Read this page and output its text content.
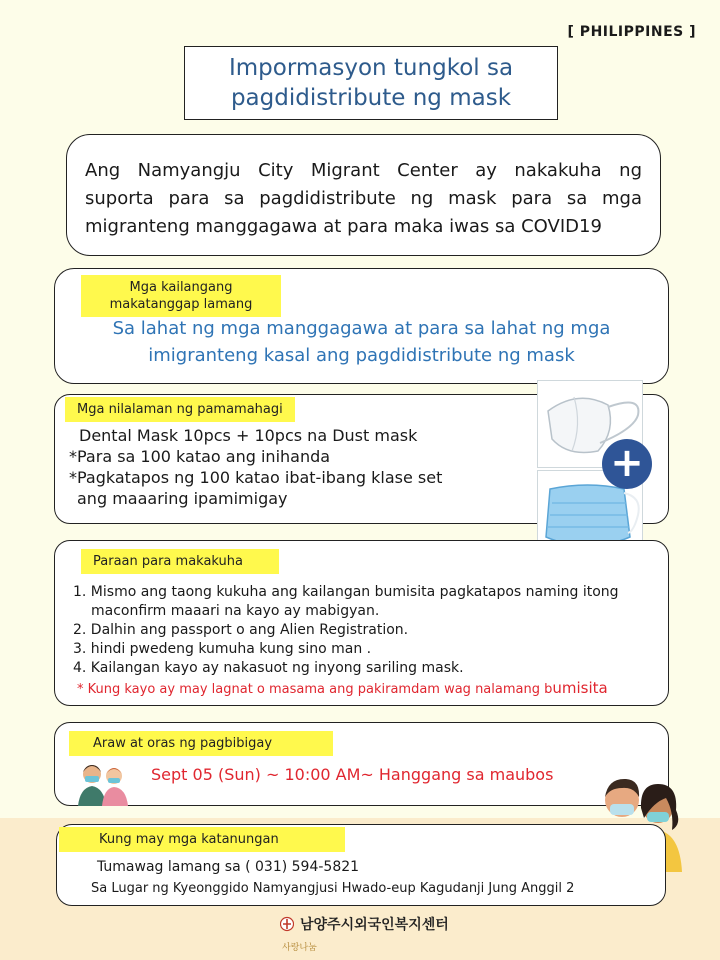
[ PHILIPPINES ]
Impormasyon tungkol sa
pagdidistribute ng mask
Ang Namyangju City Migrant Center ay nakakuha ng
suporta para sa pagdidistribute ng mask para sa mga
migranteng manggagawa at para maka iwas sa COVID19
Sa lahat ng mga manggagawa at para sa lahat ng mga
imigranteng kasal ang pagdidistribute ng mask
Mga kailangang makatanggap lamang
Mga nilalaman ng pamamahagi
Dental Mask 10pcs + 10pcs na Dust mask
*Para sa 100 katao ang inihanda
*Pagkatapos ng 100 katao ibat-ibang klase set
ang maaaring ipamimigay
+
Paraan para makakuha
1. Mismo ang taong kukuha ang kailangan bumisita pagkatapos naming itong maconfirm maaari na kayo ay mabigyan.
2. Dalhin ang passport o ang Alien Registration.
3. hindi pwedeng kumuha kung sino man .
4. Kailangan kayo ay nakasuot ng inyong sariling mask.
* Kung kayo ay may lagnat o masama ang pakiramdam wag nalamang bumisita
Araw at oras ng pagbibigay
Sept 05 (Sun) ~ 10:00 AM~ Hanggang sa maubos
Kung may mga katanungan
Tumawag lamang sa ( 031) 594-5821
Sa Lugar ng Kyeonggido Namyangjusi Hwado-eup Kagudanji Jung Anggil 2
남양주시외국인복지센터
사랑나눔
